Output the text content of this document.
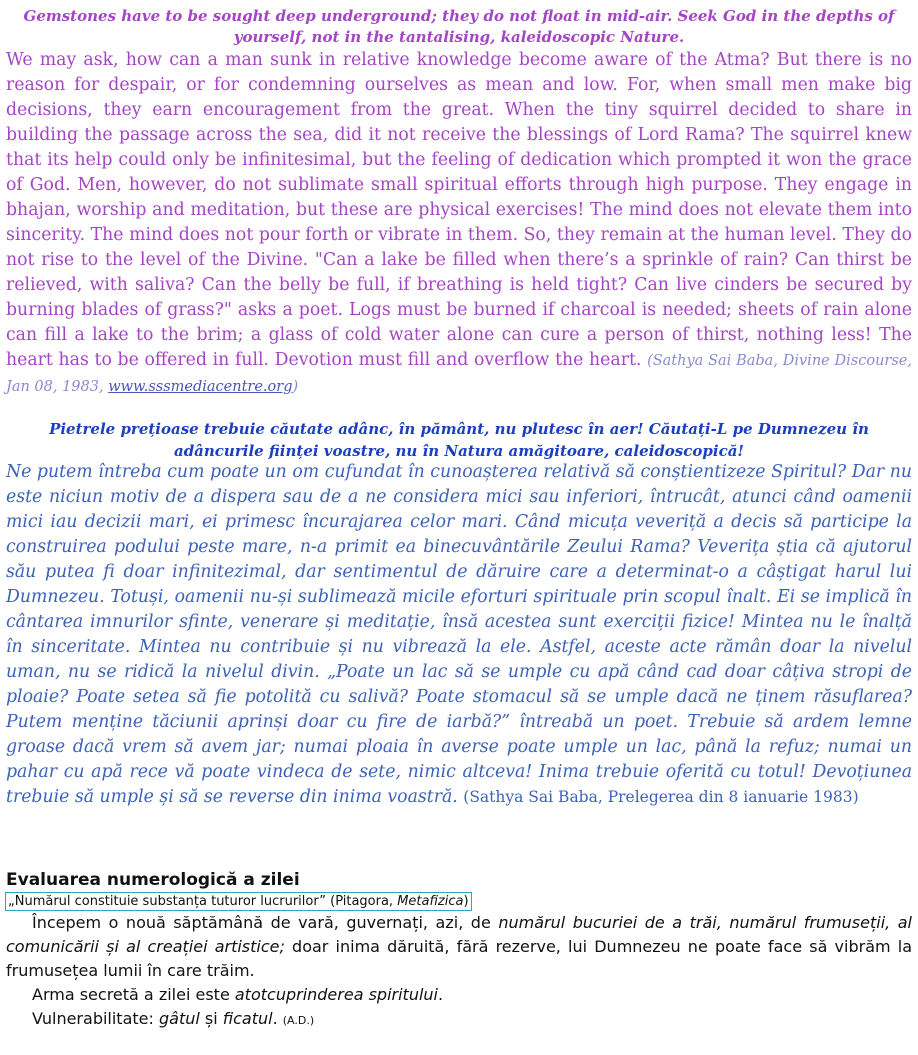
Gemstones have to be sought deep underground; they do not float in mid-air. Seek God in the depths of yourself, not in the tantalising, kaleidoscopic Nature.

We may ask, how can a man sunk in relative knowledge become aware of the Atma? But there is no reason for despair, or for condemning ourselves as mean and low. For, when small men make big decisions, they earn encouragement from the great. When the tiny squirrel decided to share in building the passage across the sea, did it not receive the blessings of Lord Rama? The squirrel knew that its help could only be infinitesimal, but the feeling of dedication which prompted it won the grace of God. Men, however, do not sublimate small spiritual efforts through high purpose. They engage in bhajan, worship and meditation, but these are physical exercises! The mind does not elevate them into sincerity. The mind does not pour forth or vibrate in them. So, they remain at the human level. They do not rise to the level of the Divine. "Can a lake be filled when there’s a sprinkle of rain? Can thirst be relieved, with saliva? Can the belly be full, if breathing is held tight? Can live cinders be secured by burning blades of grass?" asks a poet. Logs must be burned if charcoal is needed; sheets of rain alone can fill a lake to the brim; a glass of cold water alone can cure a person of thirst, nothing less! The heart has to be offered in full. Devotion must fill and overflow the heart. (Sathya Sai Baba, Divine Discourse, Jan 08, 1983, www.sssmediacentre.org)

Pietrele prețioase trebuie căutate adânc, în pământ, nu plutesc în aer! Căutați-L pe Dumnezeu în adâncurile ființei voastre, nu în Natura amăgitoare, caleidoscopică!

Ne putem întreba cum poate un om cufundat în cunoașterea relativă să conștientizeze Spiritul? Dar nu este niciun motiv de a dispera sau de a ne considera mici sau inferiori, întrucât, atunci când oamenii mici iau decizii mari, ei primesc încurajarea celor mari. Când micuța veveriță a decis să participe la construirea podului peste mare, n-a primit ea binecuvântările Zeului Rama? Veverița știa că ajutorul său putea fi doar infinitezimal, dar sentimentul de dăruire care a determinat-o a câștigat harul lui Dumnezeu. Totuși, oamenii nu-și sublimează micile eforturi spirituale prin scopul înalt. Ei se implică în cântarea imnurilor sfinte, venerare și meditație, însă acestea sunt exerciții fizice! Mintea nu le înalță în sinceritate. Mintea nu contribuie și nu vibrează la ele. Astfel, aceste acte rămân doar la nivelul uman, nu se ridică la nivelul divin. „Poate un lac să se umple cu apă când cad doar câțiva stropi de ploaie? Poate setea să fie potolită cu salivă? Poate stomacul să se umple dacă ne ținem răsuflarea? Putem menține tăciunii aprinși doar cu fire de iarbă?” întreabă un poet. Trebuie să ardem lemne groase dacă vrem să avem jar; numai ploaia în averse poate umple un lac, până la refuz; numai un pahar cu apă rece vă poate vindeca de sete, nimic altceva! Inima trebuie oferită cu totul! Devoțiunea trebuie să umple și să se reverse din inima voastră. (Sathya Sai Baba, Prelegerea din 8 ianuarie 1983)

Evaluarea numerologică a zilei
„Numărul constituie substanța tuturor lucrurilor” (Pitagora, Metafizica)

Începem o nouă săptămână de vară, guvernați, azi, de numărul bucuriei de a trăi, numărul frumuseții, al comunicării și al creației artistice; doar inima dăruită, fără rezerve, lui Dumnezeu ne poate face să vibrăm la frumusețea lumii în care trăim.

Arma secretă a zilei este atotcuprinderea spiritului.

Vulnerabilitate: gâtul și ficatul. (A.D.)
